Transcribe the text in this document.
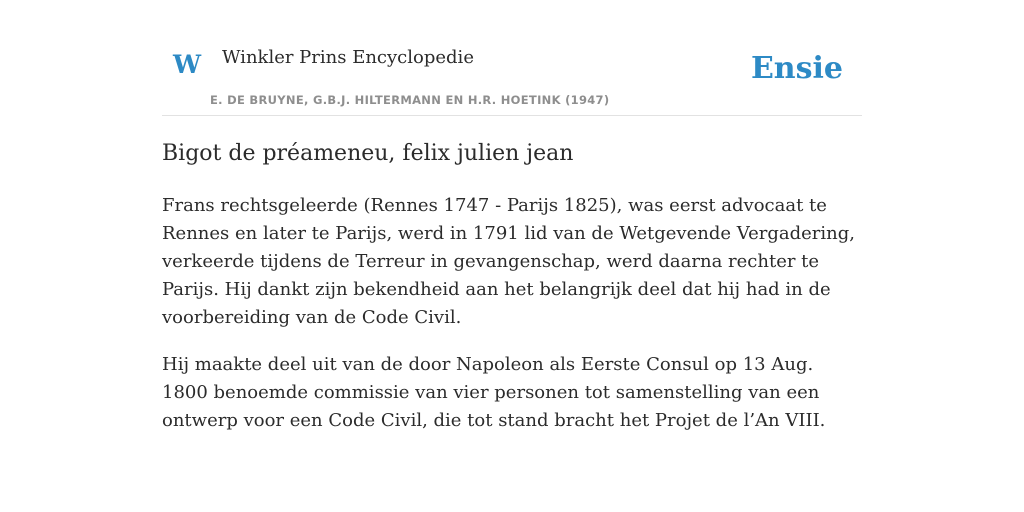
W Winkler Prins Encyclopedie
E. DE BRUYNE, G.B.J. HILTERMANN EN H.R. HOETINK (1947)
Ensie
Bigot de préameneu, felix julien jean

Frans rechtsgeleerde (Rennes 1747 - Parijs 1825), was eerst advocaat te Rennes en later te Parijs, werd in 1791 lid van de Wetgevende Vergadering, verkeerde tijdens de Terreur in gevangenschap, werd daarna rechter te Parijs. Hij dankt zijn bekendheid aan het belangrijk deel dat hij had in de voorbereiding van de Code Civil.

Hij maakte deel uit van de door Napoleon als Eerste Consul op 13 Aug. 1800 benoemde commissie van vier personen tot samenstelling van een ontwerp voor een Code Civil, die tot stand bracht het Projet de l’An VIII.
